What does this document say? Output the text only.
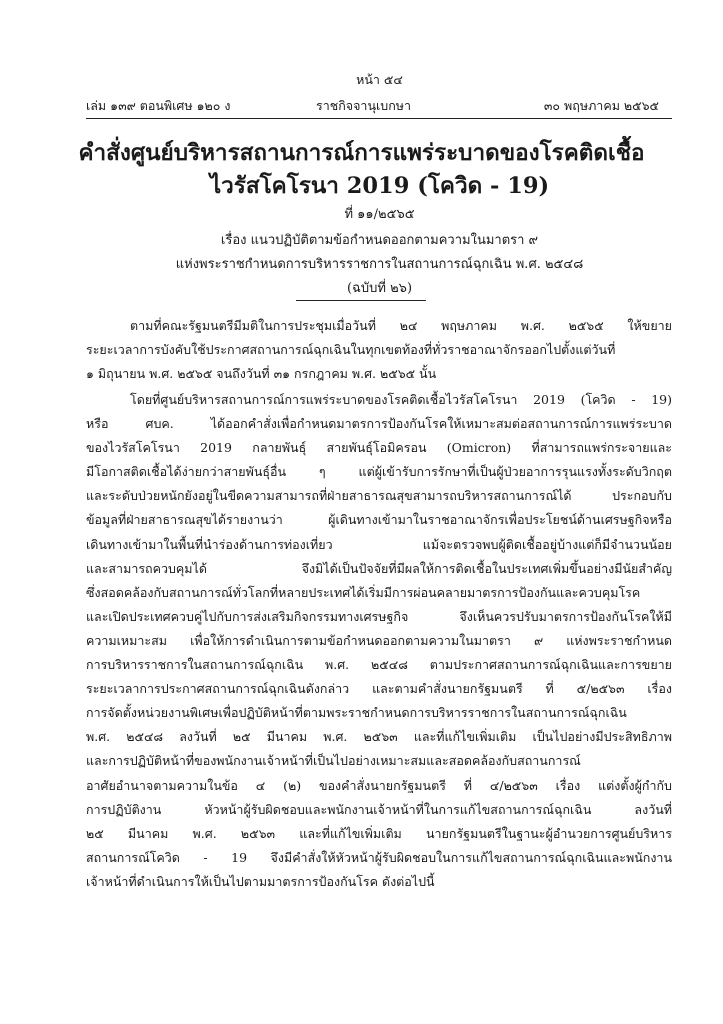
หน้า ๕๔
เล่ม ๑๓๙ ตอนพิเศษ ๑๒๐ ง	ราชกิจจานุเบกษา	๓๐ พฤษภาคม ๒๕๖๕
คำสั่งศูนย์บริหารสถานการณ์การแพร่ระบาดของโรคติดเชื้อ
ไวรัสโคโรนา 2019 (โควิด - 19)
ที่ ๑๑/๒๕๖๕
เรื่อง แนวปฏิบัติตามข้อกำหนดออกตามความในมาตรา ๙
แห่งพระราชกำหนดการบริหารราชการในสถานการณ์ฉุกเฉิน พ.ศ. ๒๕๔๘
(ฉบับที่ ๒๖)
ตามที่คณะรัฐมนตรีมีมติในการประชุมเมื่อวันที่ ๒๔ พฤษภาคม พ.ศ. ๒๕๖๕ ให้ขยาย
ระยะเวลาการบังคับใช้ประกาศสถานการณ์ฉุกเฉินในทุกเขตท้องที่ทั่วราชอาณาจักรออกไปตั้งแต่วันที่
๑ มิถุนายน พ.ศ. ๒๕๖๕ จนถึงวันที่ ๓๑ กรกฎาคม พ.ศ. ๒๕๖๕ นั้น
โดยที่ศูนย์บริหารสถานการณ์การแพร่ระบาดของโรคติดเชื้อไวรัสโคโรนา 2019 (โควิด - 19)
หรือ ศบค. ได้ออกคำสั่งเพื่อกำหนดมาตรการป้องกันโรคให้เหมาะสมต่อสถานการณ์การแพร่ระบาด
ของไวรัสโคโรนา 2019 กลายพันธุ์ สายพันธุ์โอมิครอน (Omicron) ที่สามารถแพร่กระจายและ
มีโอกาสติดเชื้อได้ง่ายกว่าสายพันธุ์อื่น ๆ แต่ผู้เข้ารับการรักษาที่เป็นผู้ป่วยอาการรุนแรงทั้งระดับวิกฤต
และระดับป่วยหนักยังอยู่ในขีดความสามารถที่ฝ่ายสาธารณสุขสามารถบริหารสถานการณ์ได้ ประกอบกับ
ข้อมูลที่ฝ่ายสาธารณสุขได้รายงานว่า ผู้เดินทางเข้ามาในราชอาณาจักรเพื่อประโยชน์ด้านเศรษฐกิจหรือ
เดินทางเข้ามาในพื้นที่นำร่องด้านการท่องเที่ยว แม้จะตรวจพบผู้ติดเชื้ออยู่บ้างแต่ก็มีจำนวนน้อย
และสามารถควบคุมได้ จึงมิได้เป็นปัจจัยที่มีผลให้การติดเชื้อในประเทศเพิ่มขึ้นอย่างมีนัยสำคัญ
ซึ่งสอดคล้องกับสถานการณ์ทั่วโลกที่หลายประเทศได้เริ่มมีการผ่อนคลายมาตรการป้องกันและควบคุมโรค
และเปิดประเทศควบคู่ไปกับการส่งเสริมกิจกรรมทางเศรษฐกิจ จึงเห็นควรปรับมาตรการป้องกันโรคให้มี
ความเหมาะสม เพื่อให้การดำเนินการตามข้อกำหนดออกตามความในมาตรา ๙ แห่งพระราชกำหนด
การบริหารราชการในสถานการณ์ฉุกเฉิน พ.ศ. ๒๕๔๘ ตามประกาศสถานการณ์ฉุกเฉินและการขยาย
ระยะเวลาการประกาศสถานการณ์ฉุกเฉินดังกล่าว และตามคำสั่งนายกรัฐมนตรี ที่ ๕/๒๕๖๓ เรื่อง
การจัดตั้งหน่วยงานพิเศษเพื่อปฏิบัติหน้าที่ตามพระราชกำหนดการบริหารราชการในสถานการณ์ฉุกเฉิน
พ.ศ. ๒๕๔๘ ลงวันที่ ๒๕ มีนาคม พ.ศ. ๒๕๖๓ และที่แก้ไขเพิ่มเติม เป็นไปอย่างมีประสิทธิภาพ
และการปฏิบัติหน้าที่ของพนักงานเจ้าหน้าที่เป็นไปอย่างเหมาะสมและสอดคล้องกับสถานการณ์
อาศัยอำนาจตามความในข้อ ๔ (๒) ของคำสั่งนายกรัฐมนตรี ที่ ๔/๒๕๖๓ เรื่อง แต่งตั้งผู้กำกับ
การปฏิบัติงาน หัวหน้าผู้รับผิดชอบและพนักงานเจ้าหน้าที่ในการแก้ไขสถานการณ์ฉุกเฉิน ลงวันที่
๒๕ มีนาคม พ.ศ. ๒๕๖๓ และที่แก้ไขเพิ่มเติม นายกรัฐมนตรีในฐานะผู้อำนวยการศูนย์บริหาร
สถานการณ์โควิด - 19 จึงมีคำสั่งให้หัวหน้าผู้รับผิดชอบในการแก้ไขสถานการณ์ฉุกเฉินและพนักงาน
เจ้าหน้าที่ดำเนินการให้เป็นไปตามมาตรการป้องกันโรค ดังต่อไปนี้
